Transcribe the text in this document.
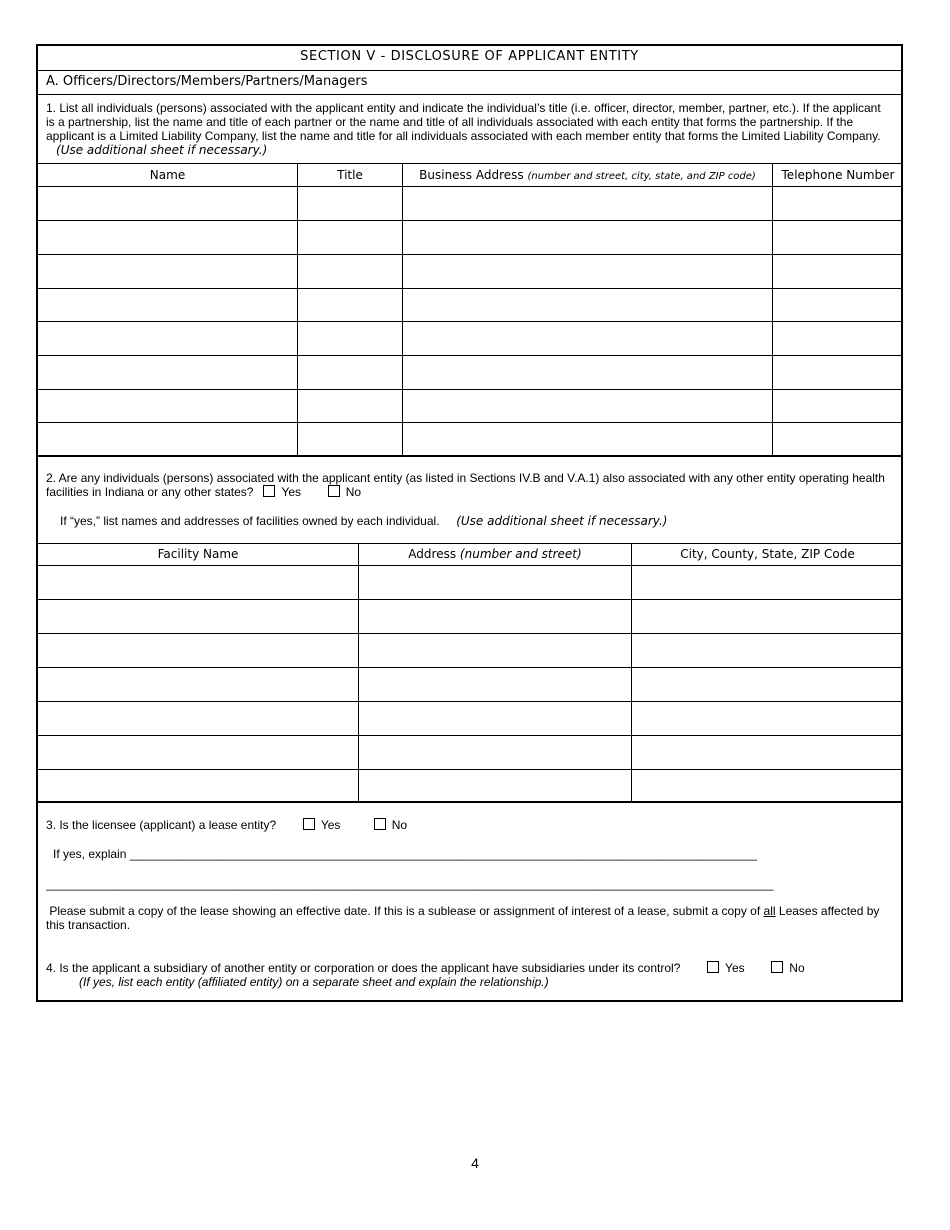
SECTION V - DISCLOSURE OF APPLICANT ENTITY
A. Officers/Directors/Members/Partners/Managers
1. List all individuals (persons) associated with the applicant entity and indicate the individual’s title (i.e. officer, director, member, partner, etc.). If the applicant is a partnership, list the name and title of each partner or the name and title of all individuals associated with each entity that forms the partnership. If the applicant is a Limited Liability Company, list the name and title for all individuals associated with each member entity that forms the Limited Liability Company.    (Use additional sheet if necessary.)
Name	Title	Business Address (number and street, city, state, and ZIP code)	Telephone Number
2. Are any individuals (persons) associated with the applicant entity (as listed in Sections IV.B and V.A.1) also associated with any other entity operating health facilities in Indiana or any other states? Yes	No
If “yes,” list names and addresses of facilities owned by each individual. (Use additional sheet if necessary.)
Facility Name	Address (number and street)	City, County, State, ZIP Code
3. Is the licensee (applicant) a lease entity?	Yes	No
If yes, explain ______________________________________________________________________________________________
_____________________________________________________________________________________________________________
Please submit a copy of the lease showing an effective date. If this is a sublease or assignment of interest of a lease, submit a copy of all Leases affected by this transaction.
4. Is the applicant a subsidiary of another entity or corporation or does the applicant have subsidiaries under its control?	Yes	No
(If yes, list each entity (affiliated entity) on a separate sheet and explain the relationship.)
4
